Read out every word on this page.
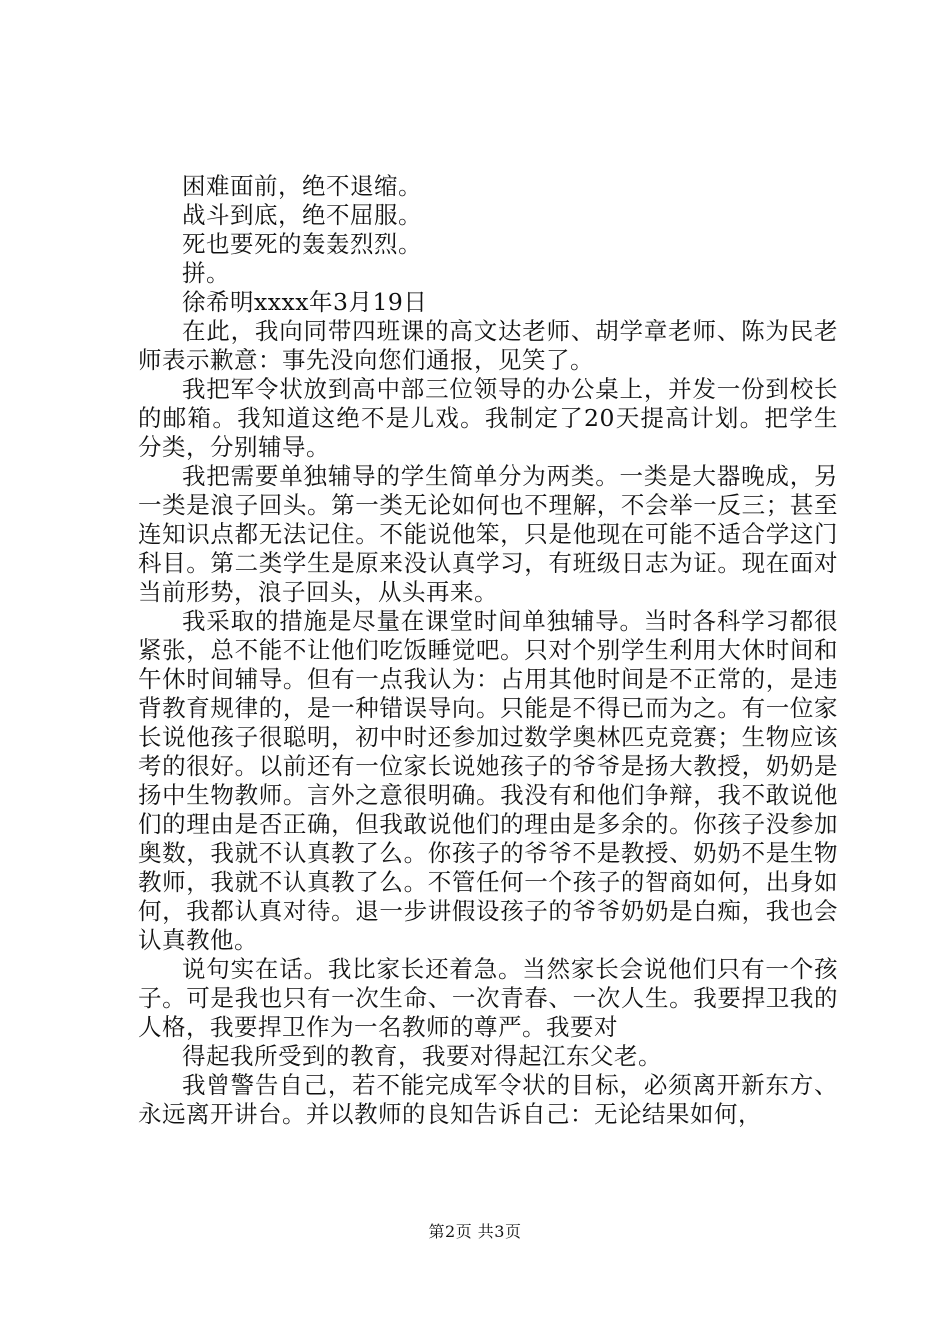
困难面前，绝不退缩。

战斗到底，绝不屈服。

死也要死的轰轰烈烈。

拼。

徐希明xxxx年3月19日

在此，我向同带四班课的高文达老师、胡学章老师、陈为民老师表示歉意：事先没向您们通报，见笑了。

我把军令状放到高中部三位领导的办公桌上，并发一份到校长的邮箱。我知道这绝不是儿戏。我制定了20天提高计划。把学生分类，分别辅导。

我把需要单独辅导的学生简单分为两类。一类是大器晚成，另一类是浪子回头。第一类无论如何也不理解，不会举一反三；甚至连知识点都无法记住。不能说他笨，只是他现在可能不适合学这门科目。第二类学生是原来没认真学习，有班级日志为证。现在面对当前形势，浪子回头，从头再来。

我采取的措施是尽量在课堂时间单独辅导。当时各科学习都很紧张，总不能不让他们吃饭睡觉吧。只对个别学生利用大休时间和午休时间辅导。但有一点我认为：占用其他时间是不正常的，是违背教育规律的，是一种错误导向。只能是不得已而为之。有一位家长说他孩子很聪明，初中时还参加过数学奥林匹克竞赛；生物应该考的很好。以前还有一位家长说她孩子的爷爷是扬大教授，奶奶是扬中生物教师。言外之意很明确。我没有和他们争辩，我不敢说他们的理由是否正确，但我敢说他们的理由是多余的。你孩子没参加奥数，我就不认真教了么。你孩子的爷爷不是教授、奶奶不是生物教师，我就不认真教了么。不管任何一个孩子的智商如何，出身如何，我都认真对待。退一步讲假设孩子的爷爷奶奶是白痴，我也会认真教他。

说句实在话。我比家长还着急。当然家长会说他们只有一个孩子。可是我也只有一次生命、一次青春、一次人生。我要捍卫我的人格，我要捍卫作为一名教师的尊严。我要对

得起我所受到的教育，我要对得起江东父老。

我曾警告自己，若不能完成军令状的目标，必须离开新东方、永远离开讲台。并以教师的良知告诉自己：无论结果如何，

第2页 共3页
